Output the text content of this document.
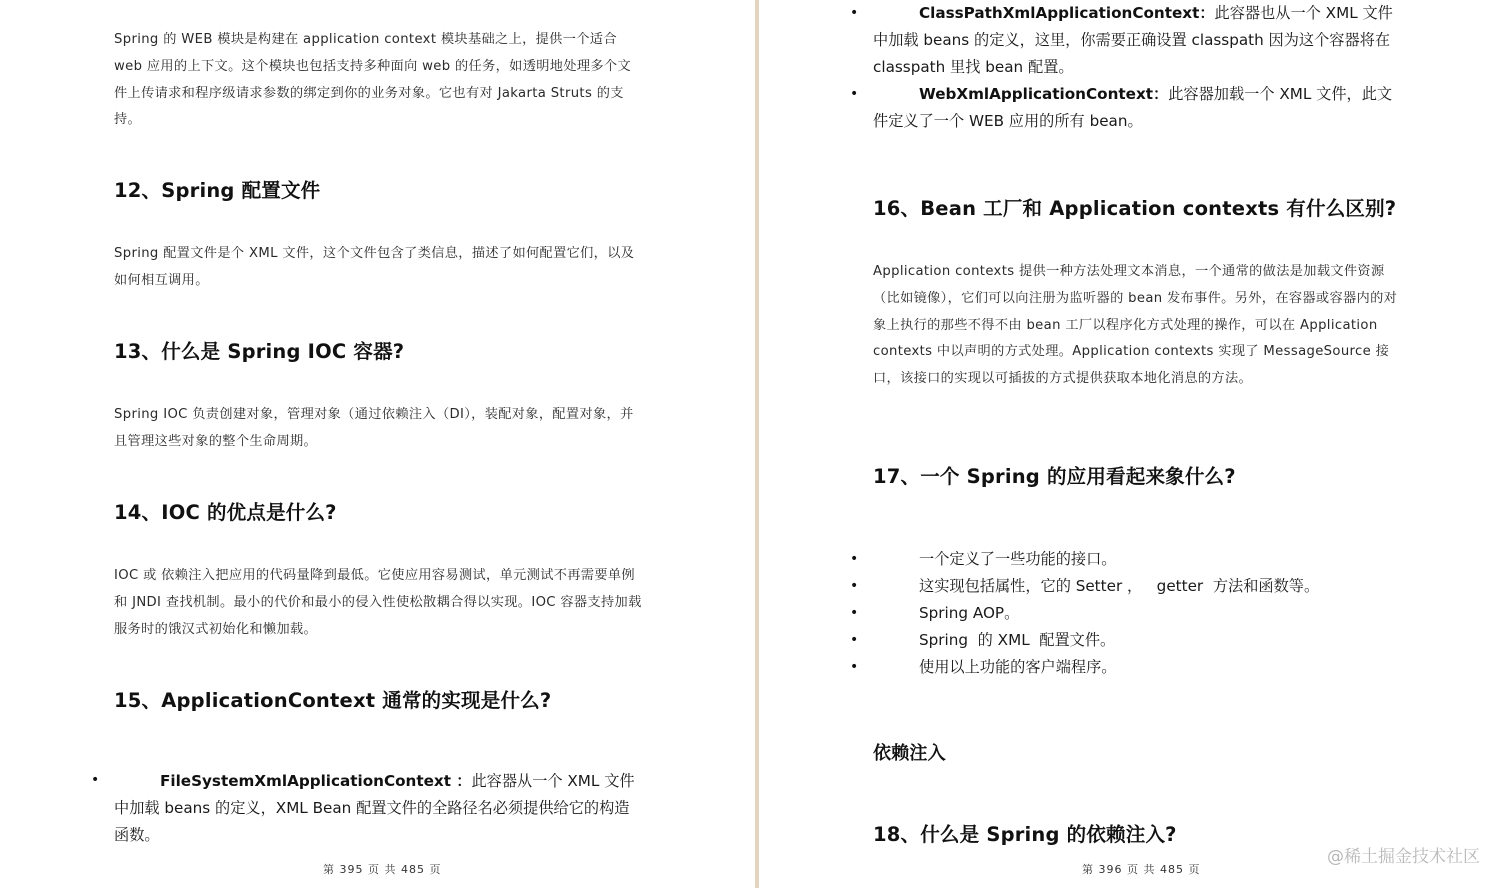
Spring 的 WEB 模块是构建在 application context 模块基础之上，提供一个适合 web 应用的上下文。这个模块也包括支持多种面向 web 的任务，如透明地处理多个文件上传请求和程序级请求参数的绑定到你的业务对象。它也有对 Jakarta Struts 的支持。

12、Spring 配置文件

Spring 配置文件是个 XML 文件，这个文件包含了类信息，描述了如何配置它们，以及如何相互调用。

13、什么是 Spring IOC 容器?

Spring IOC 负责创建对象，管理对象（通过依赖注入（DI），装配对象，配置对象，并且管理这些对象的整个生命周期。

14、IOC 的优点是什么?

IOC 或 依赖注入把应用的代码量降到最低。它使应用容易测试，单元测试不再需要单例和 JNDI 查找机制。最小的代价和最小的侵入性使松散耦合得以实现。IOC 容器支持加载服务时的饿汉式初始化和懒加载。

15、ApplicationContext 通常的实现是什么?
•	FileSystemXmlApplicationContext ：此容器从一个 XML 文件中加载 beans 的定义，XML Bean 配置文件的全路径名必须提供给它的构造函数。

第 395 页 共 485 页
•	ClassPathXmlApplicationContext：此容器也从一个 XML 文件中加载 beans 的定义，这里，你需要正确设置 classpath 因为这个容器将在 classpath 里找 bean 配置。

•	WebXmlApplicationContext：此容器加载一个 XML 文件，此文件定义了一个 WEB 应用的所有 bean。

16、Bean 工厂和 Application contexts 有什么区别?

Application contexts 提供一种方法处理文本消息，一个通常的做法是加载文件资源（比如镜像），它们可以向注册为监听器的 bean 发布事件。另外，在容器或容器内的对象上执行的那些不得不由 bean 工厂以程序化方式处理的操作，可以在 Application contexts 中以声明的方式处理。Application contexts 实现了 MessageSource 接口，该接口的实现以可插拔的方式提供获取本地化消息的方法。

17、一个 Spring 的应用看起来象什么?
•	一个定义了一些功能的接口。
•	这实现包括属性，它的 Setter ，   getter  方法和函数等。
•	Spring AOP。
•	Spring  的 XML  配置文件。
•	使用以上功能的客户端程序。
依赖注入
18、什么是 Spring 的依赖注入?
第 396 页 共 485 页
@稀土掘金技术社区
